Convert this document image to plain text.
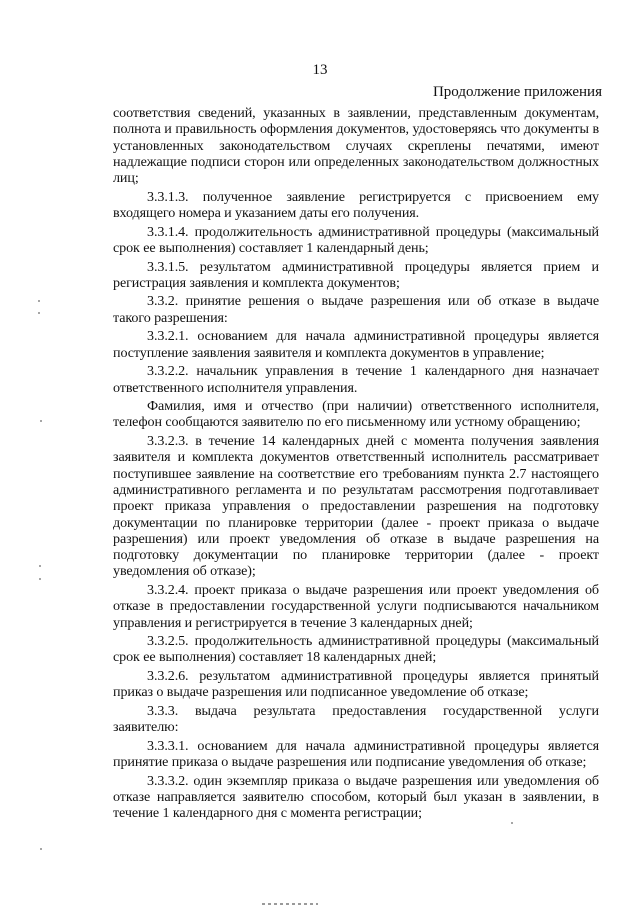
13
Продолжение приложения

соответствия сведений, указанных в заявлении, представленным документам, полнота и правильность оформления документов, удостоверяясь что документы в установленных законодательством случаях скреплены печатями, имеют надлежащие подписи сторон или определенных законодательством должностных лиц;

3.3.1.3. полученное заявление регистрируется с присвоением ему входящего номера и указанием даты его получения.

3.3.1.4. продолжительность административной процедуры (максимальный срок ее выполнения) составляет 1 календарный день;

3.3.1.5. результатом административной процедуры является прием и регистрация заявления и комплекта документов;

3.3.2. принятие решения о выдаче разрешения или об отказе в выдаче такого разрешения:

3.3.2.1. основанием для начала административной процедуры является поступление заявления заявителя и комплекта документов в управление;

3.3.2.2. начальник управления в течение 1 календарного дня назначает ответственного исполнителя управления.

Фамилия, имя и отчество (при наличии) ответственного исполнителя, телефон сообщаются заявителю по его письменному или устному обращению;

3.3.2.3. в течение 14 календарных дней с момента получения заявления заявителя и комплекта документов ответственный исполнитель рассматривает поступившее заявление на соответствие его требованиям пункта 2.7 настоящего административного регламента и по результатам рассмотрения подготавливает проект приказа управления о предоставлении разрешения на подготовку документации по планировке территории (далее - проект приказа о выдаче разрешения) или проект уведомления об отказе в выдаче разрешения на подготовку документации по планировке территории (далее - проект уведомления об отказе);

3.3.2.4. проект приказа о выдаче разрешения или проект уведомления об отказе в предоставлении государственной услуги подписываются начальником управления и регистрируется в течение 3 календарных дней;

3.3.2.5. продолжительность административной процедуры (максимальный срок ее выполнения) составляет 18 календарных дней;

3.3.2.6. результатом административной процедуры является принятый приказ о выдаче разрешения или подписанное уведомление об отказе;

3.3.3. выдача результата предоставления государственной услуги заявителю:

3.3.3.1. основанием для начала административной процедуры является принятие приказа о выдаче разрешения или подписание уведомления об отказе;

3.3.3.2. один экземпляр приказа о выдаче разрешения или уведомления об отказе направляется заявителю способом, который был указан в заявлении, в течение 1 календарного дня с момента регистрации;
